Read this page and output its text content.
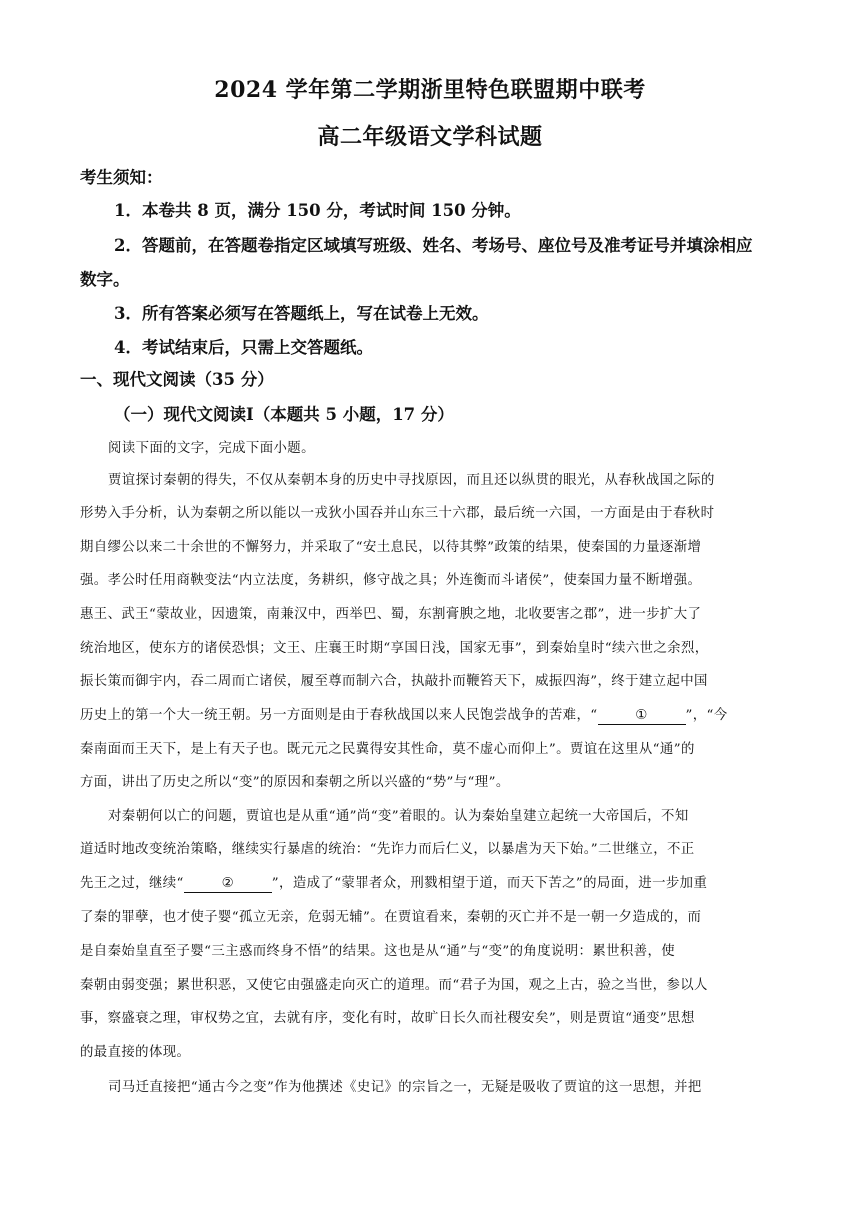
2024 学年第二学期浙里特色联盟期中联考
高二年级语文学科试题
考生须知：
1．本卷共 8 页，满分 150 分，考试时间 150 分钟。
2．答题前，在答题卷指定区域填写班级、姓名、考场号、座位号及准考证号并填涂相应
数字。
3．所有答案必须写在答题纸上，写在试卷上无效。
4．考试结束后，只需上交答题纸。
一、现代文阅读（35 分）
（一）现代文阅读Ⅰ（本题共 5 小题，17 分）
阅读下面的文字，完成下面小题。
贾谊探讨秦朝的得失，不仅从秦朝本身的历史中寻找原因，而且还以纵贯的眼光，从春秋战国之际的
形势入手分析，认为秦朝之所以能以一戎狄小国吞并山东三十六郡，最后统一六国，一方面是由于春秋时
期自缪公以来二十余世的不懈努力，并采取了“安土息民，以待其弊”政策的结果，使秦国的力量逐渐增
强。孝公时任用商鞅变法“内立法度，务耕织，修守战之具；外连衡而斗诸侯”，使秦国力量不断增强。
惠王、武王“蒙故业，因遗策，南兼汉中，西举巴、蜀，东割膏腴之地，北收要害之郡”，进一步扩大了
统治地区，使东方的诸侯恐惧；文王、庄襄王时期“享国日浅，国家无事”，到秦始皇时“续六世之余烈，
振长策而御宇内，吞二周而亡诸侯，履至尊而制六合，执敲扑而鞭笞天下，威振四海”，终于建立起中国
历史上的第一个大一统王朝。另一方面则是由于春秋战国以来人民饱尝战争的苦难，“	①	”，“今
秦南面而王天下，是上有天子也。既元元之民冀得安其性命，莫不虚心而仰上”。贾谊在这里从“通”的
方面，讲出了历史之所以“变”的原因和秦朝之所以兴盛的“势”与“理”。
对秦朝何以亡的问题，贾谊也是从重“通”尚“变”着眼的。认为秦始皇建立起统一大帝国后，不知
道适时地改变统治策略，继续实行暴虐的统治：“先诈力而后仁义，以暴虐为天下始。”二世继立，不正
先王之过，继续“	②	”，造成了“蒙罪者众，刑戮相望于道，而天下苦之”的局面，进一步加重
了秦的罪孽，也才使子婴“孤立无亲，危弱无辅”。在贾谊看来，秦朝的灭亡并不是一朝一夕造成的，而
是自秦始皇直至子婴“三主惑而终身不悟”的结果。这也是从“通”与“变”的角度说明：累世积善，使
秦朝由弱变强；累世积恶，又使它由强盛走向灭亡的道理。而“君子为国，观之上古，验之当世，参以人
事，察盛衰之理，审权势之宜，去就有序，变化有时，故旷日长久而社稷安矣”，则是贾谊“通变”思想
的最直接的体现。
司马迁直接把“通古今之变”作为他撰述《史记》的宗旨之一，无疑是吸收了贾谊的这一思想，并把
